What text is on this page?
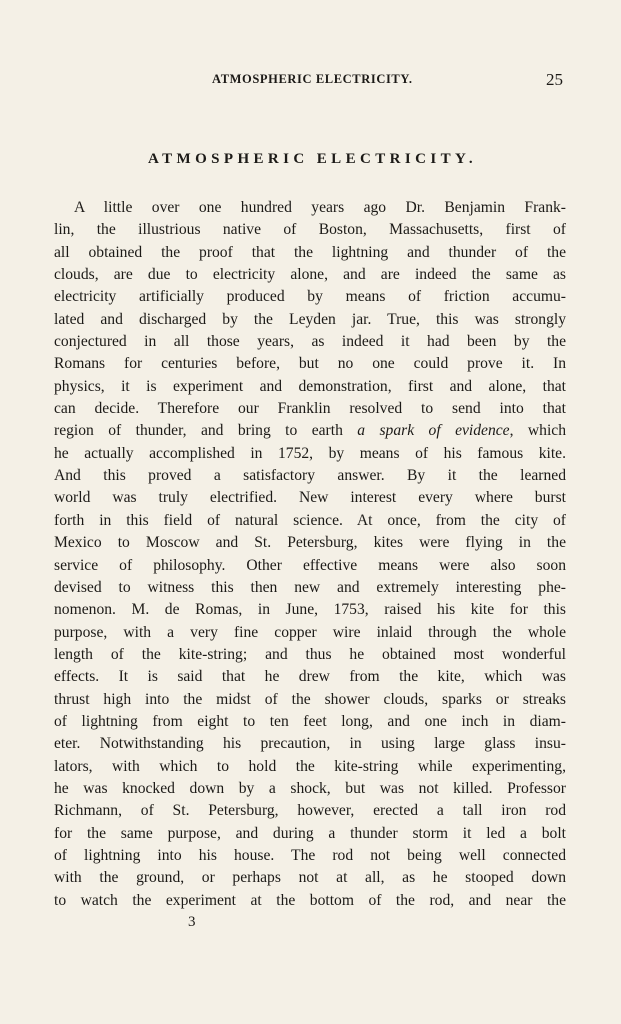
ATMOSPHERIC ELECTRICITY.	25
ATMOSPHERIC ELECTRICITY.
A little over one hundred years ago Dr. Benjamin Frank-
lin, the illustrious native of Boston, Massachusetts, first of
all obtained the proof that the lightning and thunder of the
clouds, are due to electricity alone, and are indeed the same as
electricity artificially produced by means of friction accumu-
lated and discharged by the Leyden jar. True, this was strongly
conjectured in all those years, as indeed it had been by the
Romans for centuries before, but no one could prove it. In
physics, it is experiment and demonstration, first and alone, that
can decide. Therefore our Franklin resolved to send into that
region of thunder, and bring to earth a spark of evidence, which
he actually accomplished in 1752, by means of his famous kite.
And this proved a satisfactory answer. By it the learned
world was truly electrified. New interest every where burst
forth in this field of natural science. At once, from the city of
Mexico to Moscow and St. Petersburg, kites were flying in the
service of philosophy. Other effective means were also soon
devised to witness this then new and extremely interesting phe-
nomenon. M. de Romas, in June, 1753, raised his kite for this
purpose, with a very fine copper wire inlaid through the whole
length of the kite-string; and thus he obtained most wonderful
effects. It is said that he drew from the kite, which was
thrust high into the midst of the shower clouds, sparks or streaks
of lightning from eight to ten feet long, and one inch in diam-
eter. Notwithstanding his precaution, in using large glass insu-
lators, with which to hold the kite-string while experimenting,
he was knocked down by a shock, but was not killed. Professor
Richmann, of St. Petersburg, however, erected a tall iron rod
for the same purpose, and during a thunder storm it led a bolt
of lightning into his house. The rod not being well connected
with the ground, or perhaps not at all, as he stooped down
to watch the experiment at the bottom of the rod, and near the
3
